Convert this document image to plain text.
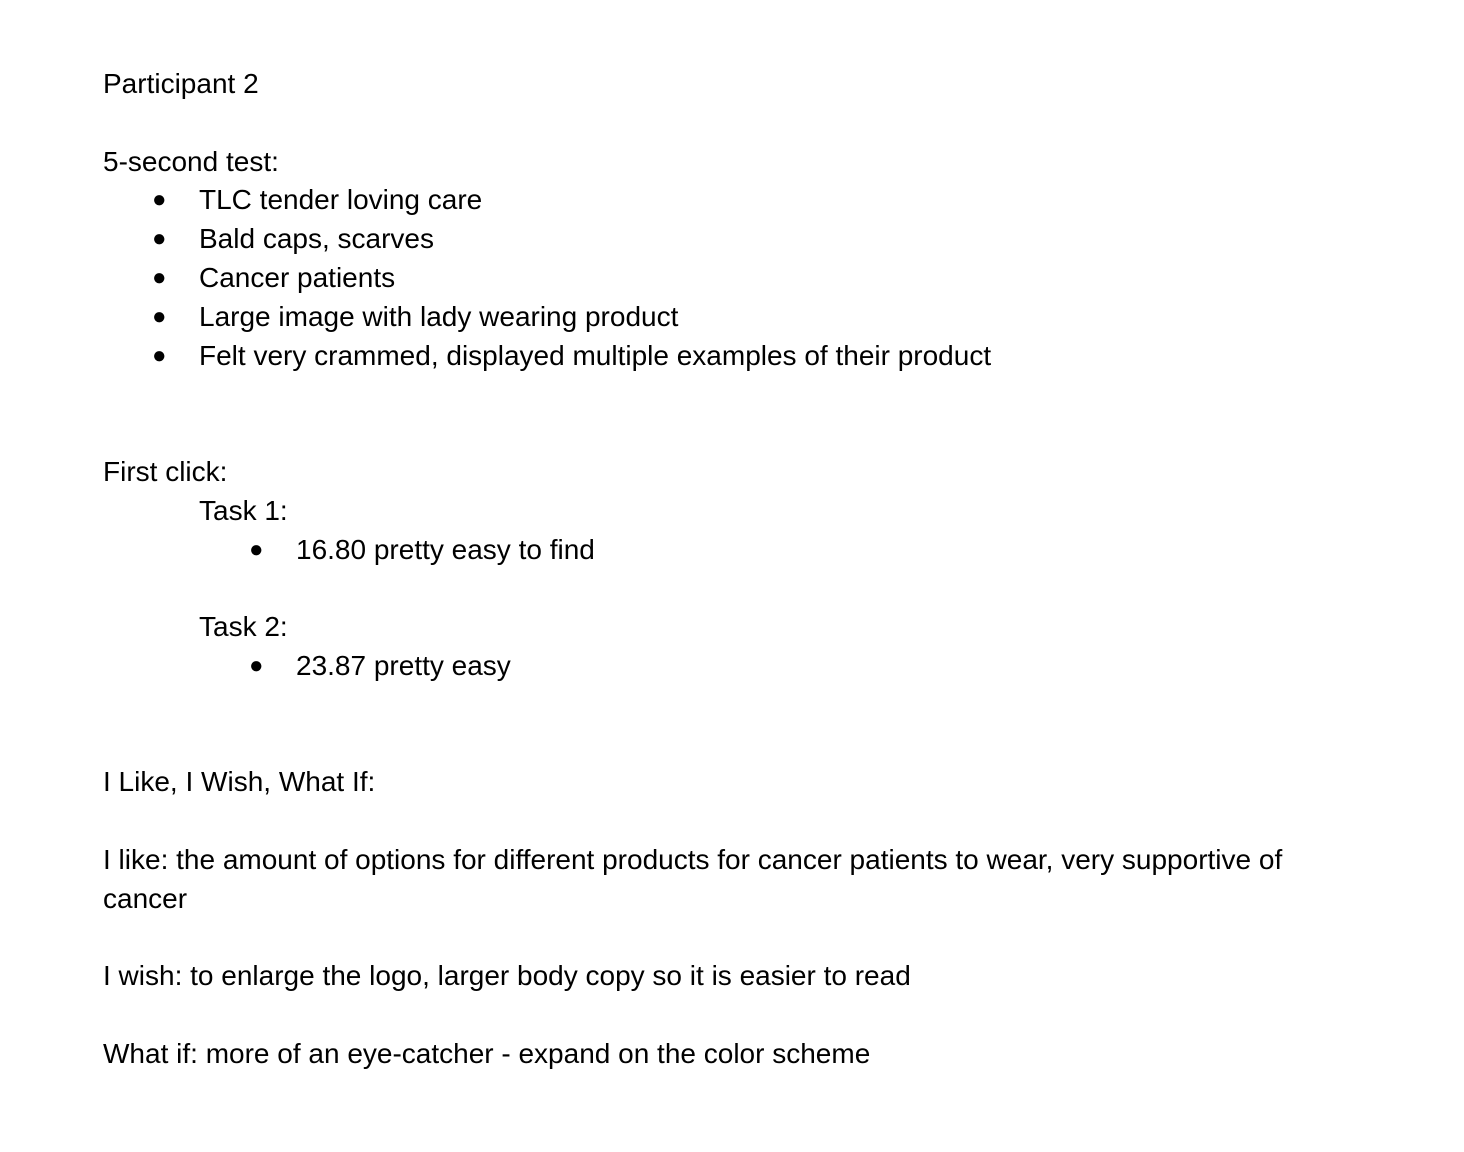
Participant 2
5-second test:
● TLC tender loving care
● Bald caps, scarves
● Cancer patients
● Large image with lady wearing product
● Felt very crammed, displayed multiple examples of their product
First click:
Task 1:
● 16.80 pretty easy to find
Task 2:
● 23.87 pretty easy
I Like, I Wish, What If:
I like: the amount of options for different products for cancer patients to wear, very supportive of cancer
I wish: to enlarge the logo, larger body copy so it is easier to read
What if: more of an eye-catcher - expand on the color scheme
